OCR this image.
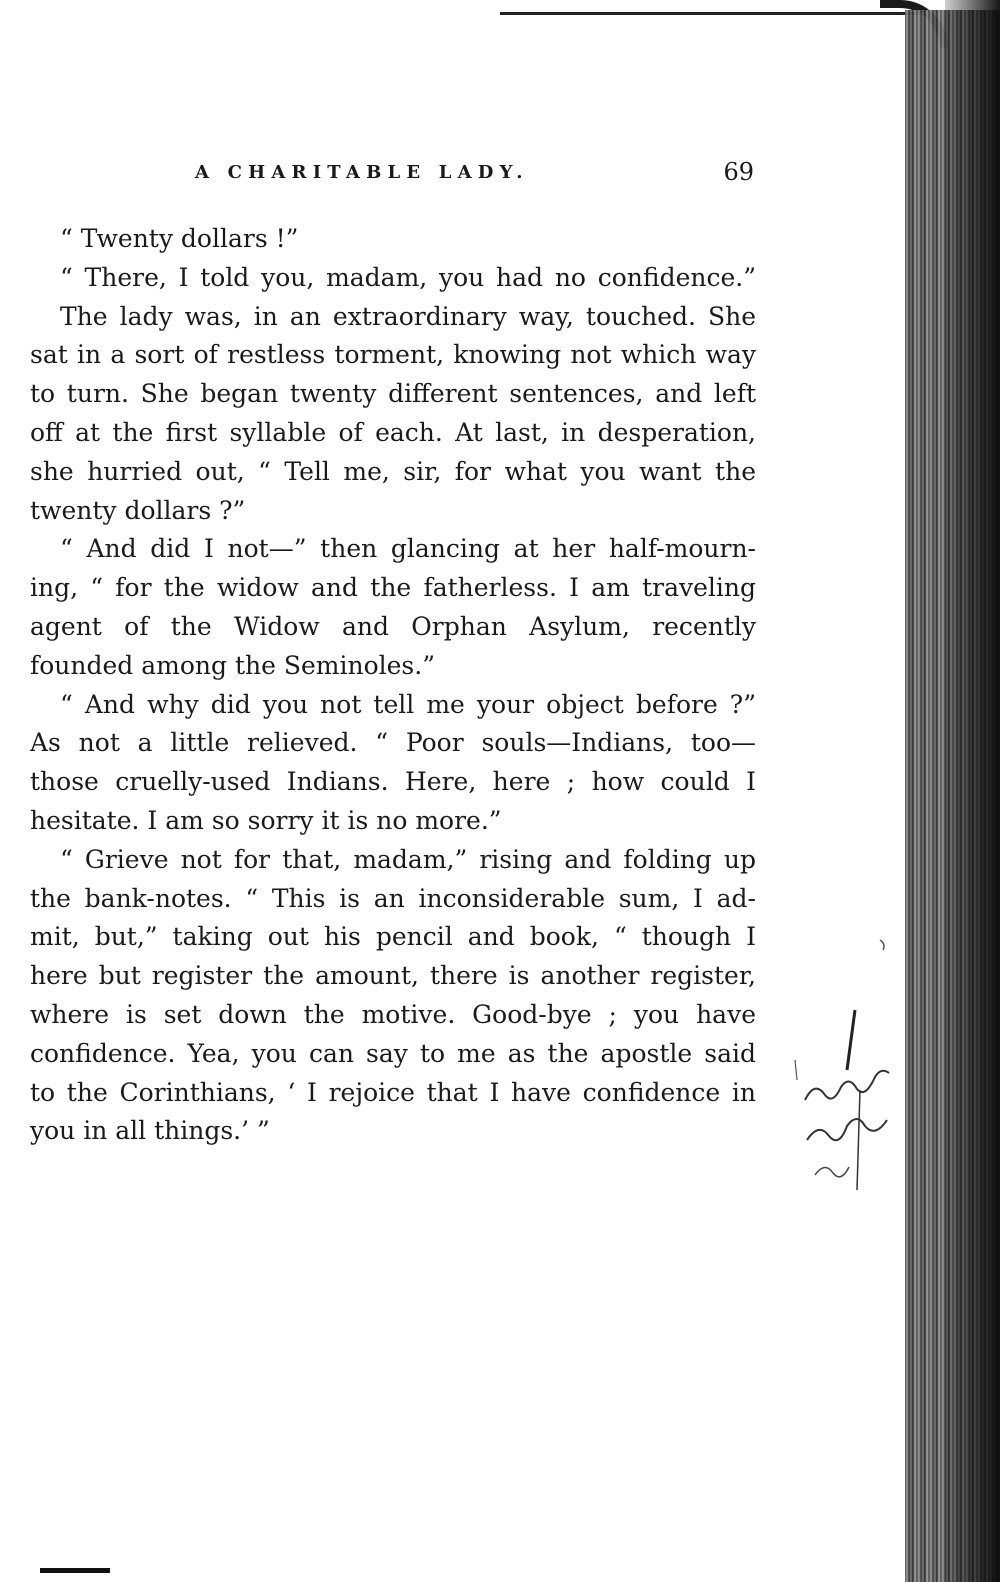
A CHARITABLE LADY.	69
“ Twenty dollars !”
“ There, I told you, madam, you had no confidence.”
The lady was, in an extraordinary way, touched. She
sat in a sort of restless torment, knowing not which way
to turn. She began twenty different sentences, and left
off at the first syllable of each. At last, in desperation,
she hurried out, “ Tell me, sir, for what you want the
twenty dollars ?”
“ And did I not—” then glancing at her half-mourn-
ing, “ for the widow and the fatherless. I am traveling
agent of the Widow and Orphan Asylum, recently
founded among the Seminoles.”
“ And why did you not tell me your object before ?”
As not a little relieved. “ Poor souls—Indians, too—
those cruelly-used Indians. Here, here ; how could I
hesitate. I am so sorry it is no more.”
“ Grieve not for that, madam,” rising and folding up
the bank-notes. “ This is an inconsiderable sum, I ad-
mit, but,” taking out his pencil and book, “ though I
here but register the amount, there is another register,
where is set down the motive. Good-bye ; you have
confidence. Yea, you can say to me as the apostle said
to the Corinthians, ‘ I rejoice that I have confidence in
you in all things.’ ”
